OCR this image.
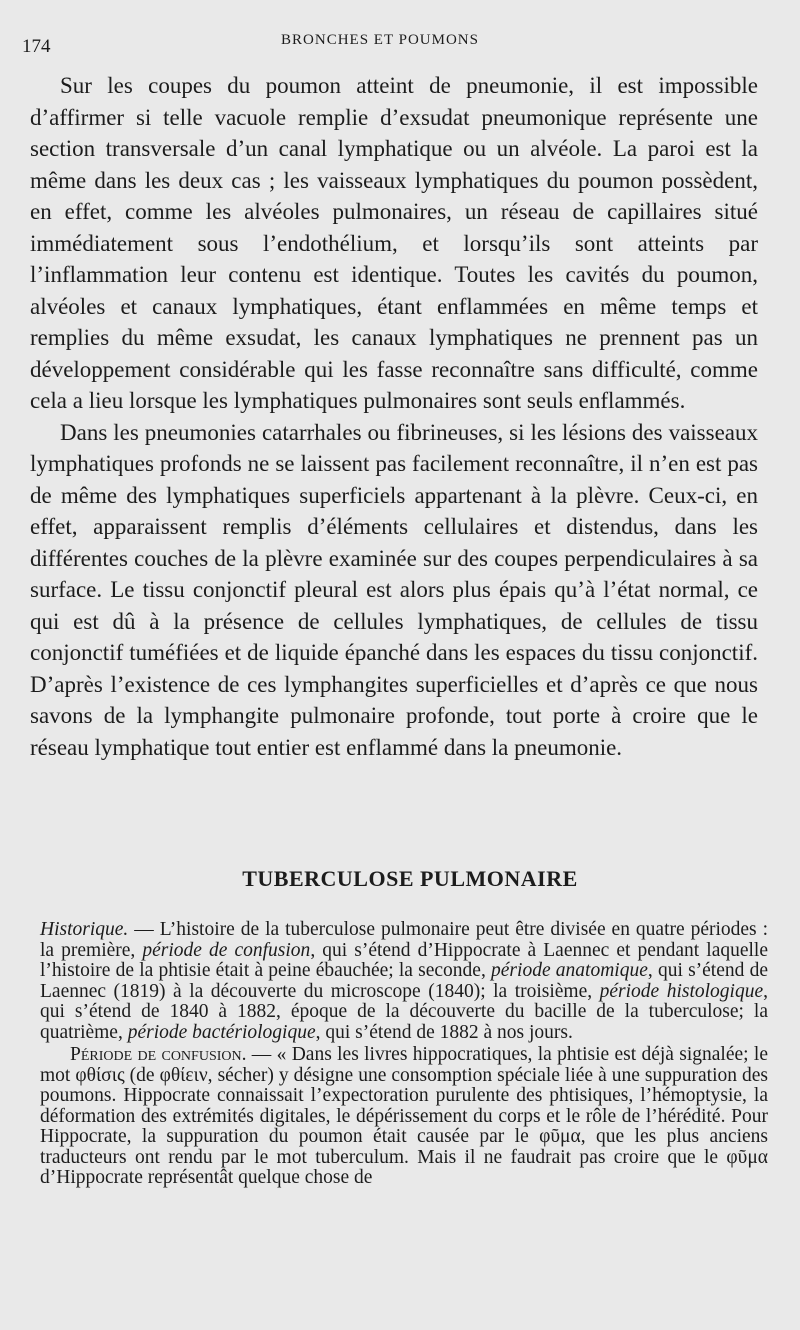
174	BRONCHES ET POUMONS

Sur les coupes du poumon atteint de pneumonie, il est impossible d’affirmer si telle vacuole remplie d’exsudat pneumonique représente une section transversale d’un canal lymphatique ou un alvéole. La paroi est la même dans les deux cas ; les vaisseaux lymphatiques du poumon possèdent, en effet, comme les alvéoles pulmonaires, un réseau de capillaires situé immédiatement sous l’endothélium, et lorsqu’ils sont atteints par l’inflammation leur contenu est identique. Toutes les cavités du poumon, alvéoles et canaux lymphatiques, étant enflammées en même temps et remplies du même exsudat, les canaux lymphatiques ne prennent pas un développement considérable qui les fasse reconnaître sans difficulté, comme cela a lieu lorsque les lymphatiques pulmonaires sont seuls enflammés.

Dans les pneumonies catarrhales ou fibrineuses, si les lésions des vaisseaux lymphatiques profonds ne se laissent pas facilement reconnaître, il n’en est pas de même des lymphatiques superficiels appartenant à la plèvre. Ceux-ci, en effet, apparaissent remplis d’éléments cellulaires et distendus, dans les différentes couches de la plèvre examinée sur des coupes perpendiculaires à sa surface. Le tissu conjonctif pleural est alors plus épais qu’à l’état normal, ce qui est dû à la présence de cellules lymphatiques, de cellules de tissu conjonctif tuméfiées et de liquide épanché dans les espaces du tissu conjonctif. D’après l’existence de ces lymphangites superficielles et d’après ce que nous savons de la lymphangite pulmonaire profonde, tout porte à croire que le réseau lymphatique tout entier est enflammé dans la pneumonie.

TUBERCULOSE PULMONAIRE

Historique. — L’histoire de la tuberculose pulmonaire peut être divisée en quatre périodes : la première, période de confusion, qui s’étend d’Hippocrate à Laennec et pendant laquelle l’histoire de la phtisie était à peine ébauchée; la seconde, période anatomique, qui s’étend de Laennec (1819) à la découverte du microscope (1840); la troisième, période histologique, qui s’étend de 1840 à 1882, époque de la découverte du bacille de la tuberculose; la quatrième, période bactériologique, qui s’étend de 1882 à nos jours.

Période de confusion. — « Dans les livres hippocratiques, la phtisie est déjà signalée; le mot φθίσις (de φθίειν, sécher) y désigne une consomption spéciale liée à une suppuration des poumons. Hippocrate connaissait l’expectoration purulente des phtisiques, l’hémoptysie, la déformation des extrémités digitales, le dépérissement du corps et le rôle de l’hérédité. Pour Hippocrate, la suppuration du poumon était causée par le φῦμα, que les plus anciens traducteurs ont rendu par le mot tuberculum. Mais il ne faudrait pas croire que le φῦμα d’Hippocrate représentât quelque chose de
